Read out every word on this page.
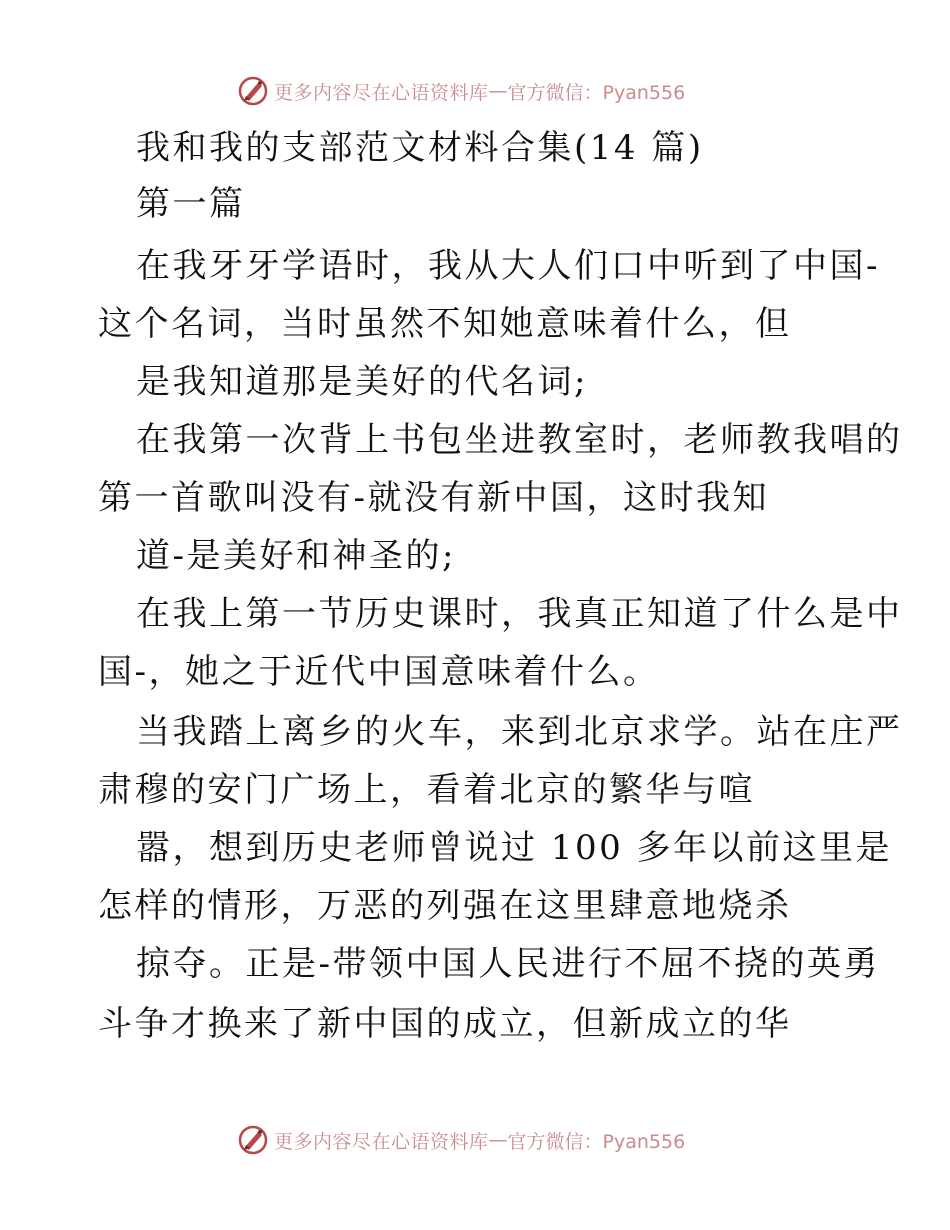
更多内容尽在心语资料库 — 官方微信：Pyan556
我和我的支部范文材料合集(14 篇)
第一篇
在我牙牙学语时，我从大人们口中听到了中国-
这个名词，当时虽然不知她意味着什么，但
是我知道那是美好的代名词;
在我第一次背上书包坐进教室时，老师教我唱的
第一首歌叫没有-就没有新中国，这时我知
道-是美好和神圣的;
在我上第一节历史课时，我真正知道了什么是中
国-，她之于近代中国意味着什么。
当我踏上离乡的火车，来到北京求学。站在庄严
肃穆的安门广场上，看着北京的繁华与喧
嚣，想到历史老师曾说过 100 多年以前这里是
怎样的情形，万恶的列强在这里肆意地烧杀
掠夺。正是-带领中国人民进行不屈不挠的英勇
斗争才换来了新中国的成立，但新成立的华
更多内容尽在心语资料库 — 官方微信：Pyan556
